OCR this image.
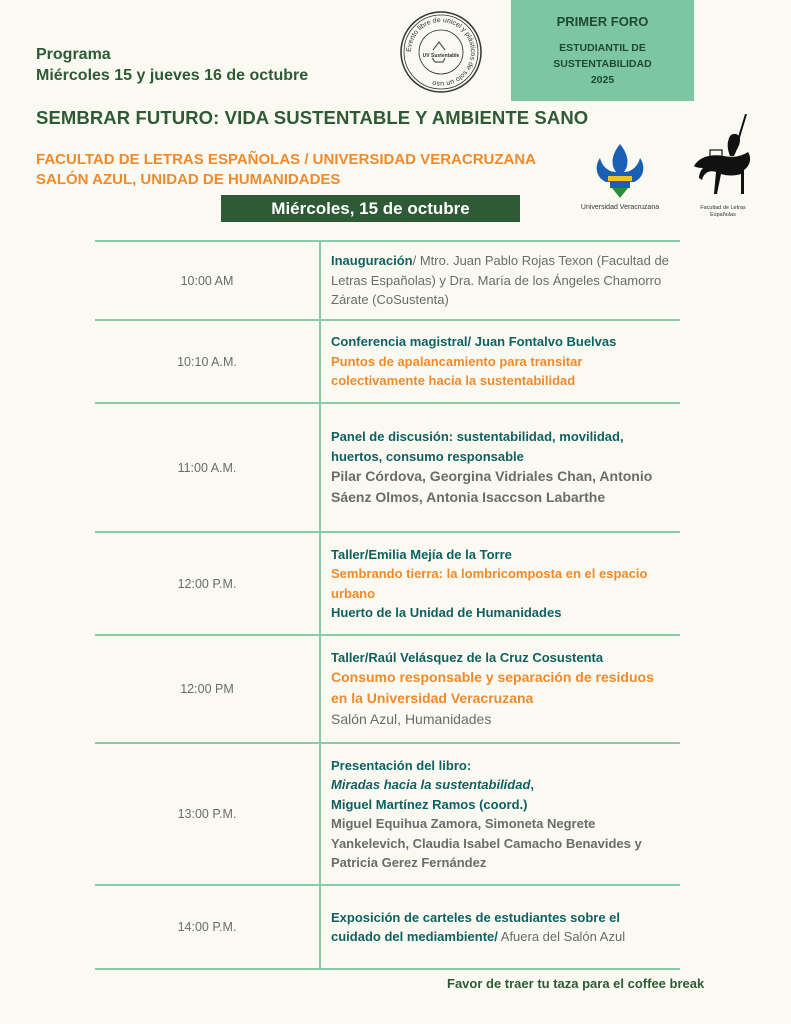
Programa
Miércoles 15 y jueves 16 de octubre
Evento libre de unicel y plásticos de solo un uso
UV Sustentable
PRIMER FORO
ESTUDIANTIL DE
SUSTENTABILIDAD
2025
SEMBRAR FUTURO: VIDA SUSTENTABLE Y AMBIENTE SANO
FACULTAD DE LETRAS ESPAÑOLAS / UNIVERSIDAD VERACRUZANA
SALÓN AZUL, UNIDAD DE HUMANIDADES
Universidad Veracruzana	Facultad de Letras
Españolas
Miércoles, 15 de octubre
10:00 AM
Inauguración/ Mtro. Juan Pablo Rojas Texon (Facultad de Letras Españolas) y Dra. María de los Ángeles Chamorro Zárate (CoSustenta)
10:10 A.M.
Conferencia magistral/ Juan Fontalvo Buelvas
Puntos de apalancamiento para transitar colectivamente hacia la sustentabilidad
11:00 A.M.
Panel de discusión: sustentabilidad, movilidad, huertos, consumo responsable
Pilar Córdova, Georgina Vidriales Chan, Antonio Sáenz Olmos, Antonia Isaccson Labarthe
12:00 P.M.
Taller/Emilia Mejía de la Torre
Sembrando tierra: la lombricomposta en el espacio urbano
Huerto de la Unidad de Humanidades
12:00 PM
Taller/Raúl Velásquez de la Cruz Cosustenta
Consumo responsable y separación de residuos en la Universidad Veracruzana
Salón Azul, Humanidades
13:00 P.M.
Presentación del libro:
Miradas hacia la sustentabilidad,
Miguel Martínez Ramos (coord.)
Miguel Equihua Zamora, Simoneta Negrete Yankelevich, Claudia Isabel Camacho Benavides y Patricia Gerez Fernández
14:00 P.M.
Exposición de carteles de estudiantes sobre el cuidado del mediambiente/ Afuera del Salón Azul
Favor de traer tu taza para el coffee break
